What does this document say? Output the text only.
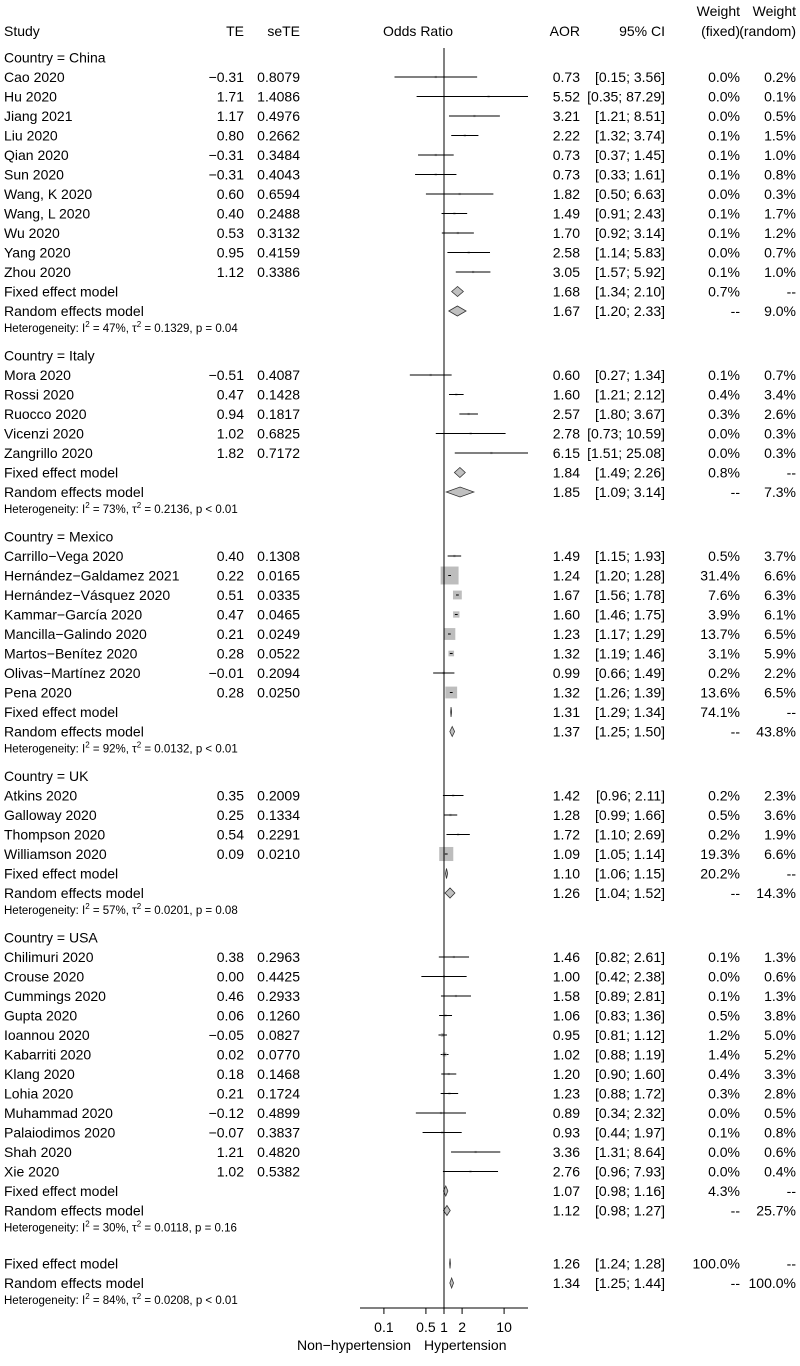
Study	TE seTE	Odds Ratio	AOR	95% CI
Weight
(fixed)
Weight
(random)
Country = China
Cao 2020	−0.31 0.8079	0.73 [0.15; 3.56]	0.0% 0.2%
Hu 2020	1.71 1.4086	5.52 [0.35; 87.29]	0.0% 0.1%
Jiang 2021	1.17 0.4976	3.21 [1.21; 8.51]	0.0% 0.5%
Liu 2020	0.80 0.2662	2.22 [1.32; 3.74]	0.1% 1.5%
Qian 2020	−0.31 0.3484	0.73 [0.37; 1.45]	0.1% 1.0%
Sun 2020	−0.31 0.4043	0.73 [0.33; 1.61]	0.1% 0.8%
Wang, K 2020	0.60 0.6594	1.82 [0.50; 6.63]	0.0% 0.3%
Wang, L 2020	0.40 0.2488	1.49 [0.91; 2.43]	0.1% 1.7%
Wu 2020	0.53 0.3132	1.70 [0.92; 3.14]	0.1% 1.2%
Yang 2020	0.95 0.4159	2.58 [1.14; 5.83]	0.0% 0.7%
Zhou 2020	1.12 0.3386	3.05 [1.57; 5.92]	0.1% 1.0%
Fixed effect model	1.68 [1.34; 2.10]	0.7%	--
Random effects model	1.67 [1.20; 2.33]	-- 9.0%
Heterogeneity: $I^2 = 47\%$, $\tau^2 = 0.1329$, p = 0.04
Country = Italy
Mora 2020	−0.51 0.4087	0.60 [0.27; 1.34]	0.1% 0.7%
Rossi 2020	0.47 0.1428	1.60 [1.21; 2.12]	0.4% 3.4%
Ruocco 2020	0.94 0.1817	2.57 [1.80; 3.67]	0.3% 2.6%
Vicenzi 2020	1.02 0.6825	2.78 [0.73; 10.59]	0.0% 0.3%
Zangrillo 2020	1.82 0.7172	6.15 [1.51; 25.08]	0.0% 0.3%
Fixed effect model	1.84 [1.49; 2.26]	0.8%	--
Random effects model	1.85 [1.09; 3.14]	-- 7.3%
Heterogeneity: $I^2 = 73\%$, $\tau^2 = 0.2136$, p < 0.01
Country = Mexico
Carrillo−Vega 2020	0.40 0.1308	1.49 [1.15; 1.93]	0.5% 3.7%
Hernández−Galdamez 2021	0.22 0.0165	1.24 [1.20; 1.28]	31.4% 6.6%
Hernández−Vásquez 2020	0.51 0.0335	1.67 [1.56; 1.78]	7.6% 6.3%
Kammar−García 2020	0.47 0.0465	1.60 [1.46; 1.75]	3.9% 6.1%
Mancilla−Galindo 2020	0.21 0.0249	1.23 [1.17; 1.29]	13.7% 6.5%
Martos−Benítez 2020	0.28 0.0522	1.32 [1.19; 1.46]	3.1% 5.9%
Olivas−Martínez 2020	−0.01 0.2094	0.99 [0.66; 1.49]	0.2% 2.2%
Pena 2020	0.28 0.0250	1.32 [1.26; 1.39]	13.6% 6.5%
Fixed effect model	1.31 [1.29; 1.34]	74.1%	--
Random effects model	1.37 [1.25; 1.50]	-- 43.8%
Heterogeneity: $I^2 = 92\%$, $\tau^2 = 0.0132$, p < 0.01
Country = UK
Atkins 2020	0.35 0.2009	1.42 [0.96; 2.11]	0.2% 2.3%
Galloway 2020	0.25 0.1334	1.28 [0.99; 1.66]	0.5% 3.6%
Thompson 2020	0.54 0.2291	1.72 [1.10; 2.69]	0.2% 1.9%
Williamson 2020	0.09 0.0210	1.09 [1.05; 1.14]	19.3% 6.6%
Fixed effect model	1.10 [1.06; 1.15]	20.2%	--
Random effects model	1.26 [1.04; 1.52]	-- 14.3%
Heterogeneity: $I^2 = 57\%$, $\tau^2 = 0.0201$, p = 0.08
Country = USA
Chilimuri 2020	0.38 0.2963	1.46 [0.82; 2.61]	0.1% 1.3%
Crouse 2020	0.00 0.4425	1.00 [0.42; 2.38]	0.0% 0.6%
Cummings 2020	0.46 0.2933	1.58 [0.89; 2.81]	0.1% 1.3%
Gupta 2020	0.06 0.1260	1.06 [0.83; 1.36]	0.5% 3.8%
Ioannou 2020	−0.05 0.0827	0.95 [0.81; 1.12]	1.2% 5.0%
Kabarriti 2020	0.02 0.0770	1.02 [0.88; 1.19]	1.4% 5.2%
Klang 2020	0.18 0.1468	1.20 [0.90; 1.60]	0.4% 3.3%
Lohia 2020	0.21 0.1724	1.23 [0.88; 1.72]	0.3% 2.8%
Muhammad 2020	−0.12 0.4899	0.89 [0.34; 2.32]	0.0% 0.5%
Palaiodimos 2020	−0.07 0.3837	0.93 [0.44; 1.97]	0.1% 0.8%
Shah 2020	1.21 0.4820	3.36 [1.31; 8.64]	0.0% 0.6%
Xie 2020	1.02 0.5382	2.76 [0.96; 7.93]	0.0% 0.4%
Fixed effect model	1.07 [0.98; 1.16]	4.3%	--
Random effects model	1.12 [0.98; 1.27]	-- 25.7%
Heterogeneity: $I^2 = 30\%$, $\tau^2 = 0.0118$, p = 0.16
Fixed effect model	1.26 [1.24; 1.28] 100.0%	--
Random effects model	1.34 [1.25; 1.44]	-- 100.0%
Heterogeneity: $I^2 = 84\%$, $\tau^2 = 0.0208$, p < 0.01
0.1 0.5 1 2 10
Non−hypertension Hypertension
